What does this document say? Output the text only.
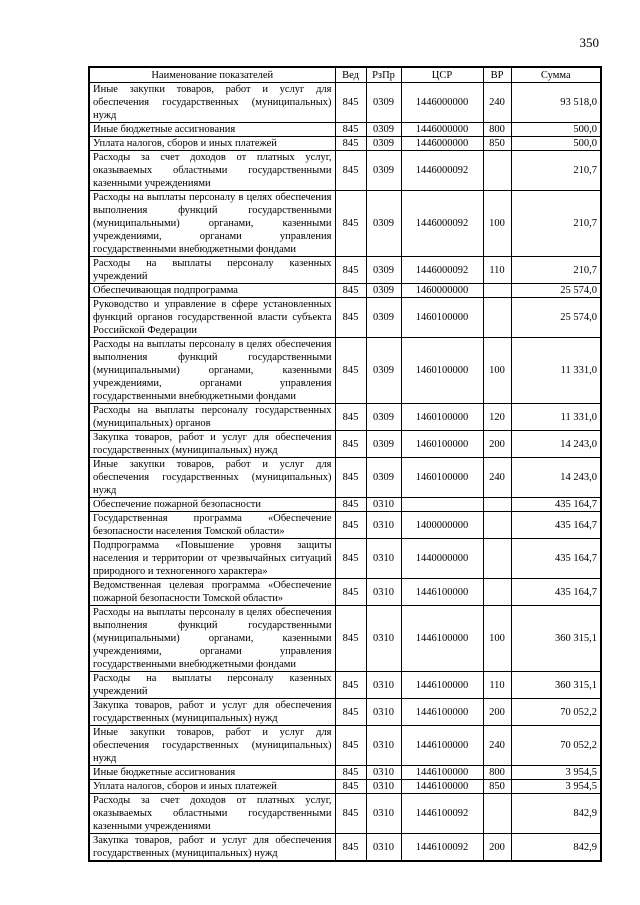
350
Наименование показателей	Вед	РзПр	ЦСР	ВР	Сумма
Иные закупки товаров, работ и услуг для обеспечения государственных (муниципальных) нужд	845	0309	1446000000	240	93 518,0
Иные бюджетные ассигнования	845	0309	1446000000	800	500,0
Уплата налогов, сборов и иных платежей	845	0309	1446000000	850	500,0
Расходы за счет доходов от платных услуг, оказываемых областными государственными казенными учреждениями	845	0309	1446000092		210,7
Расходы на выплаты персоналу в целях обеспечения выполнения функций государственными (муниципальными) органами, казенными учреждениями, органами управления государственными внебюджетными фондами	845	0309	1446000092	100	210,7
Расходы на выплаты персоналу казенных учреждений	845	0309	1446000092	110	210,7
Обеспечивающая подпрограмма	845	0309	1460000000		25 574,0
Руководство и управление в сфере установленных функций органов государственной власти субъекта Российской Федерации	845	0309	1460100000		25 574,0
Расходы на выплаты персоналу в целях обеспечения выполнения функций государственными (муниципальными) органами, казенными учреждениями, органами управления государственными внебюджетными фондами	845	0309	1460100000	100	11 331,0
Расходы на выплаты персоналу государственных (муниципальных) органов	845	0309	1460100000	120	11 331,0
Закупка товаров, работ и услуг для обеспечения государственных (муниципальных) нужд	845	0309	1460100000	200	14 243,0
Иные закупки товаров, работ и услуг для обеспечения государственных (муниципальных) нужд	845	0309	1460100000	240	14 243,0
Обеспечение пожарной безопасности	845	0310			435 164,7
Государственная программа «Обеспечение безопасности населения Томской области»	845	0310	1400000000		435 164,7
Подпрограмма «Повышение уровня защиты населения и территории от чрезвычайных ситуаций природного и техногенного характера»	845	0310	1440000000		435 164,7
Ведомственная целевая программа «Обеспечение пожарной безопасности Томской области»	845	0310	1446100000		435 164,7
Расходы на выплаты персоналу в целях обеспечения выполнения функций государственными (муниципальными) органами, казенными учреждениями, органами управления государственными внебюджетными фондами	845	0310	1446100000	100	360 315,1
Расходы на выплаты персоналу казенных учреждений	845	0310	1446100000	110	360 315,1
Закупка товаров, работ и услуг для обеспечения государственных (муниципальных) нужд	845	0310	1446100000	200	70 052,2
Иные закупки товаров, работ и услуг для обеспечения государственных (муниципальных) нужд	845	0310	1446100000	240	70 052,2
Иные бюджетные ассигнования	845	0310	1446100000	800	3 954,5
Уплата налогов, сборов и иных платежей	845	0310	1446100000	850	3 954,5
Расходы за счет доходов от платных услуг, оказываемых областными государственными казенными учреждениями	845	0310	1446100092		842,9
Закупка товаров, работ и услуг для обеспечения государственных (муниципальных) нужд	845	0310	1446100092	200	842,9
